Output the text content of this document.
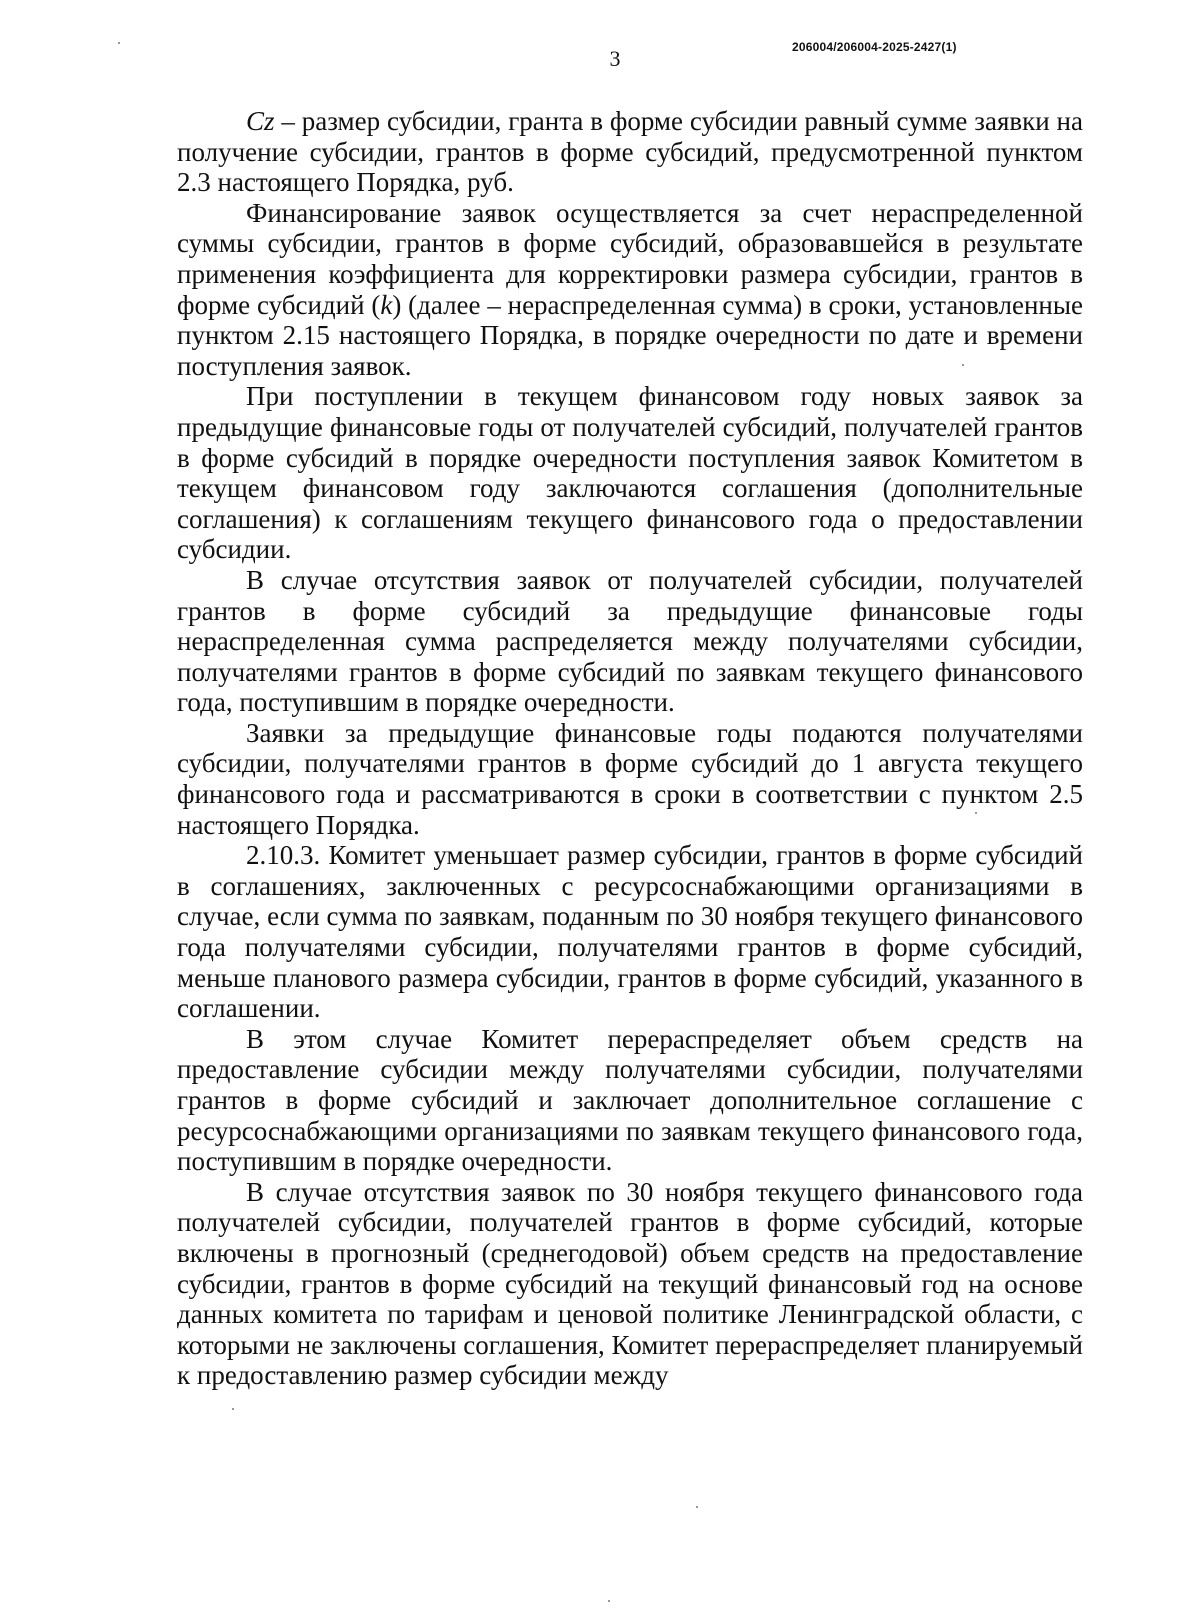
3	206004/206004-2025-2427(1)

Cz – размер субсидии, гранта в форме субсидии равный сумме заявки на получение субсидии, грантов в форме субсидий, предусмотренной пунктом 2.3 настоящего Порядка, руб.

Финансирование заявок осуществляется за счет нераспределенной суммы субсидии, грантов в форме субсидий, образовавшейся в результате применения коэффициента для корректировки размера субсидии, грантов в форме субсидий (k) (далее – нераспределенная сумма) в сроки, установленные пунктом 2.15 настоящего Порядка, в порядке очередности по дате и времени поступления заявок.

При поступлении в текущем финансовом году новых заявок за предыдущие финансовые годы от получателей субсидий, получателей грантов в форме субсидий в порядке очередности поступления заявок Комитетом в текущем финансовом году заключаются соглашения (дополнительные соглашения) к соглашениям текущего финансового года о предоставлении субсидии.

В случае отсутствия заявок от получателей субсидии, получателей грантов в форме субсидий за предыдущие финансовые годы нераспределенная сумма распределяется между получателями субсидии, получателями грантов в форме субсидий по заявкам текущего финансового года, поступившим в порядке очередности.

Заявки за предыдущие финансовые годы подаются получателями субсидии, получателями грантов в форме субсидий до 1 августа текущего финансового года и рассматриваются в сроки в соответствии с пунктом 2.5 настоящего Порядка.

2.10.3. Комитет уменьшает размер субсидии, грантов в форме субсидий в соглашениях, заключенных с ресурсоснабжающими организациями в случае, если сумма по заявкам, поданным по 30 ноября текущего финансового года получателями субсидии, получателями грантов в форме субсидий, меньше планового размера субсидии, грантов в форме субсидий, указанного в соглашении.

В этом случае Комитет перераспределяет объем средств на предоставление субсидии между получателями субсидии, получателями грантов в форме субсидий и заключает дополнительное соглашение с ресурсоснабжающими организациями по заявкам текущего финансового года, поступившим в порядке очередности.

В случае отсутствия заявок по 30 ноября текущего финансового года получателей субсидии, получателей грантов в форме субсидий, которые включены в прогнозный (среднегодовой) объем средств на предоставление субсидии, грантов в форме субсидий на текущий финансовый год на основе данных комитета по тарифам и ценовой политике Ленинградской области, с которыми не заключены соглашения, Комитет перераспределяет планируемый к предоставлению размер субсидии между
